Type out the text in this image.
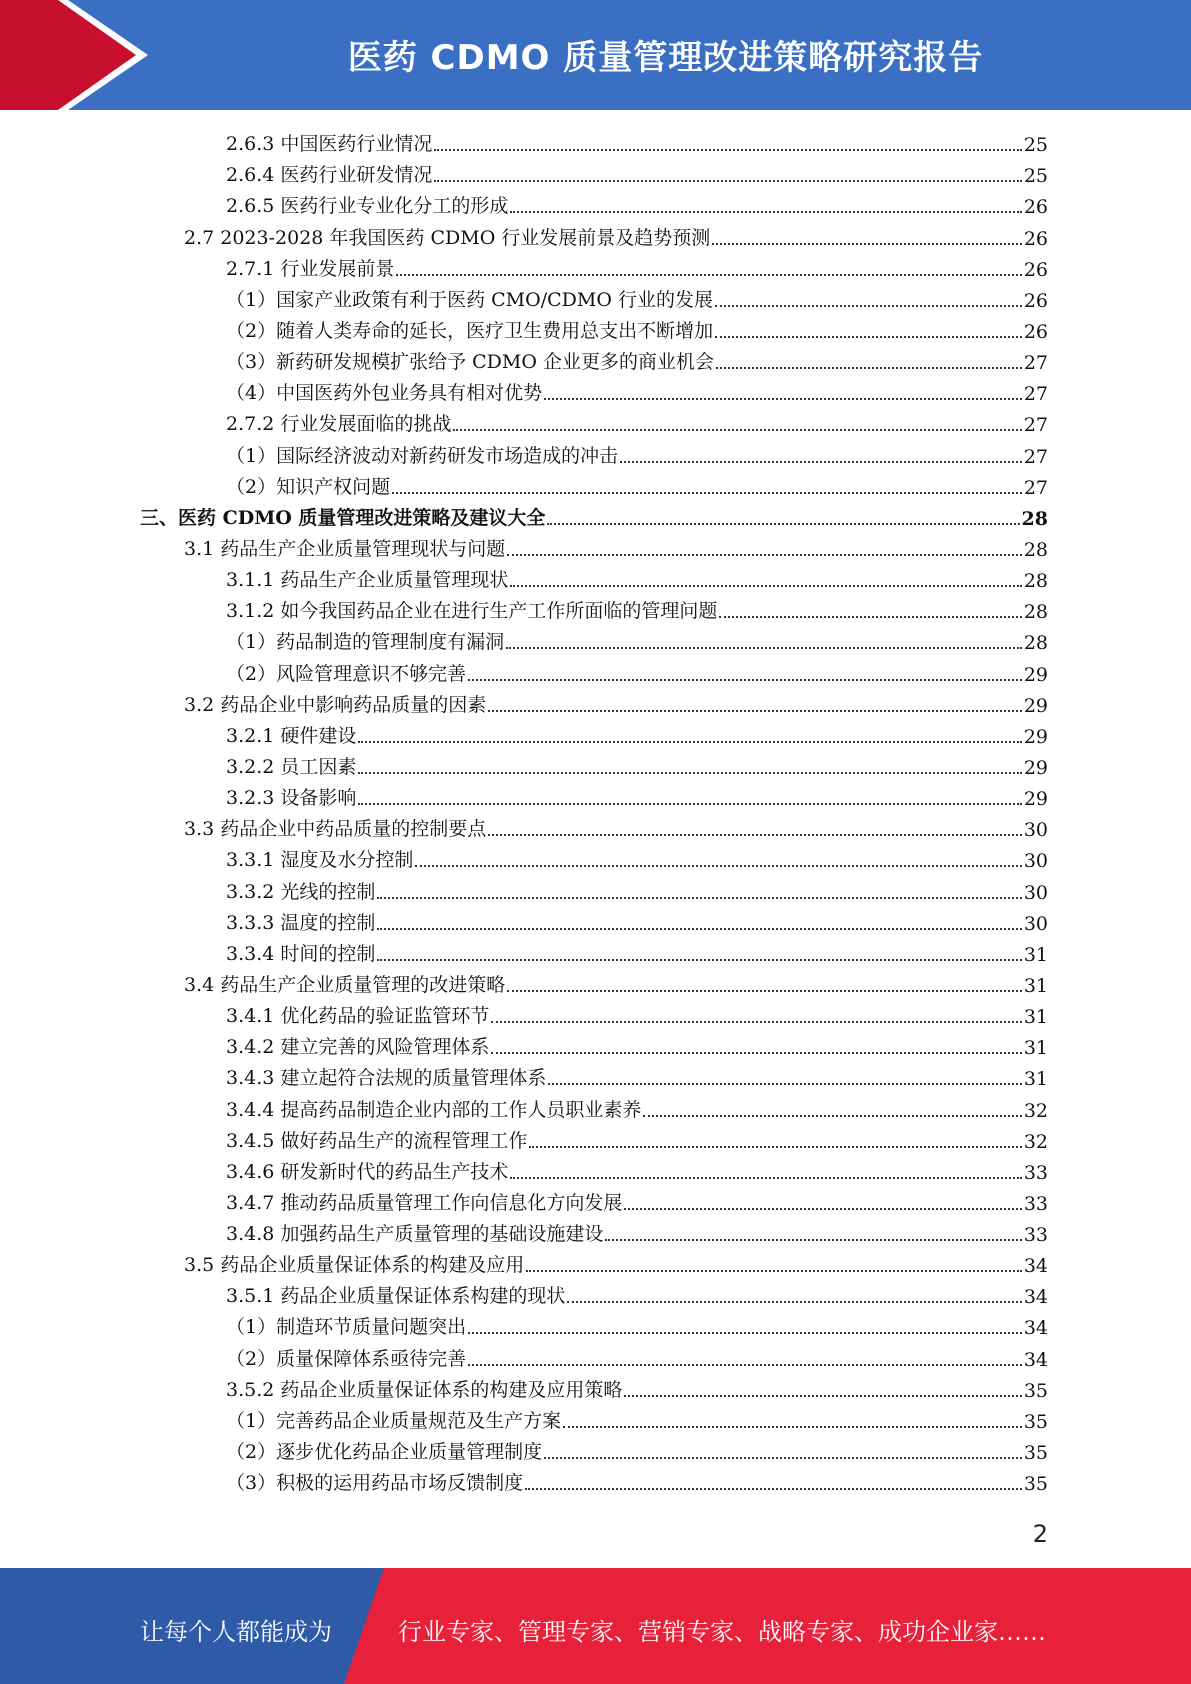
医药 CDMO 质量管理改进策略研究报告
2.6.3 中国医药行业情况	25
2.6.4 医药行业研发情况	25
2.6.5 医药行业专业化分工的形成	26
2.7 2023-2028 年我国医药 CDMO 行业发展前景及趋势预测	26
2.7.1 行业发展前景	26
（1）国家产业政策有利于医药 CMO/CDMO 行业的发展	26
（2）随着人类寿命的延长，医疗卫生费用总支出不断增加	26
（3）新药研发规模扩张给予 CDMO 企业更多的商业机会	27
（4）中国医药外包业务具有相对优势	27
2.7.2 行业发展面临的挑战	27
（1）国际经济波动对新药研发市场造成的冲击	27
（2）知识产权问题	27
三、医药 CDMO 质量管理改进策略及建议大全	28
3.1 药品生产企业质量管理现状与问题	28
3.1.1 药品生产企业质量管理现状	28
3.1.2 如今我国药品企业在进行生产工作所面临的管理问题	28
（1）药品制造的管理制度有漏洞	28
（2）风险管理意识不够完善	29
3.2 药品企业中影响药品质量的因素	29
3.2.1 硬件建设	29
3.2.2 员工因素	29
3.2.3 设备影响	29
3.3 药品企业中药品质量的控制要点	30
3.3.1 湿度及水分控制	30
3.3.2 光线的控制	30
3.3.3 温度的控制	30
3.3.4 时间的控制	31
3.4 药品生产企业质量管理的改进策略	31
3.4.1 优化药品的验证监管环节	31
3.4.2 建立完善的风险管理体系	31
3.4.3 建立起符合法规的质量管理体系	31
3.4.4 提高药品制造企业内部的工作人员职业素养	32
3.4.5 做好药品生产的流程管理工作	32
3.4.6 研发新时代的药品生产技术	33
3.4.7 推动药品质量管理工作向信息化方向发展	33
3.4.8 加强药品生产质量管理的基础设施建设	33
3.5 药品企业质量保证体系的构建及应用	34
3.5.1 药品企业质量保证体系构建的现状	34
（1）制造环节质量问题突出	34
（2）质量保障体系亟待完善	34
3.5.2 药品企业质量保证体系的构建及应用策略	35
（1）完善药品企业质量规范及生产方案	35
（2）逐步优化药品企业质量管理制度	35
（3）积极的运用药品市场反馈制度	35
2
让每个人都能成为	行业专家、管理专家、营销专家、战略专家、成功企业家……
